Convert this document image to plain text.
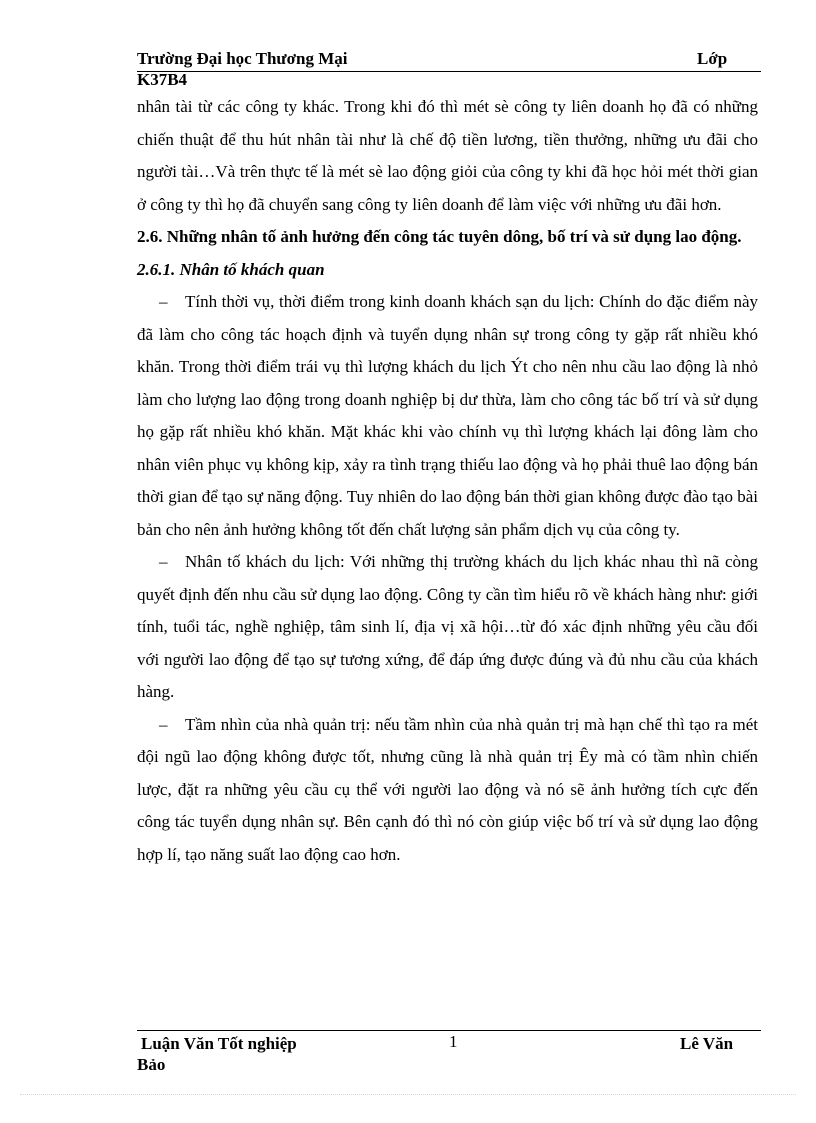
Trường Đại học Thương Mại	Lớp
K37B4

nhân tài từ các công ty khác. Trong khi đó thì mét sè công ty liên doanh họ đã có những chiến thuật để thu hút nhân tài như là chế độ tiền lương, tiền thưởng, những ưu đãi cho người tài…Và trên thực tế là mét sè lao động giỏi của công ty khi đã học hỏi mét thời gian ở công ty thì họ đã chuyển sang công ty liên doanh để làm việc với những ưu đãi hơn.

2.6. Những nhân tố ảnh hưởng đến công tác tuyên dông, bố trí và sử dụng lao động.

2.6.1. Nhân tố khách quan

– Tính thời vụ, thời điểm trong kinh doanh khách sạn du lịch: Chính do đặc điểm này đã làm cho công tác hoạch định và tuyển dụng nhân sự trong công ty gặp rất nhiều khó khăn. Trong thời điểm trái vụ thì lượng khách du lịch Ýt cho nên nhu cầu lao động là nhỏ làm cho lượng lao động trong doanh nghiệp bị dư thừa, làm cho công tác bố trí và sử dụng họ gặp rất nhiều khó khăn. Mặt khác khi vào chính vụ thì lượng khách lại đông làm cho nhân viên phục vụ không kịp, xảy ra tình trạng thiếu lao động và họ phải thuê lao động bán thời gian để tạo sự năng động. Tuy nhiên do lao động bán thời gian không được đào tạo bài bản cho nên ảnh hưởng không tốt đến chất lượng sản phẩm dịch vụ của công ty.

– Nhân tố khách du lịch: Với những thị trường khách du lịch khác nhau thì nã còng quyết định đến nhu cầu sử dụng lao động. Công ty cần tìm hiểu rõ về khách hàng như: giới tính, tuổi tác, nghề nghiệp, tâm sinh lí, địa vị xã hội…từ đó xác định những yêu cầu đối với người lao động để tạo sự tương xứng, để đáp ứng được đúng và đủ nhu cầu của khách hàng.

– Tầm nhìn của nhà quản trị: nếu tầm nhìn của nhà quản trị mà hạn chế thì tạo ra mét đội ngũ lao động không được tốt, nhưng cũng là nhà quản trị Êy mà có tầm nhìn chiến lược, đặt ra những yêu cầu cụ thể với người lao động và nó sẽ ảnh hưởng tích cực đến công tác tuyển dụng nhân sự. Bên cạnh đó thì nó còn giúp việc bố trí và sử dụng lao động hợp lí, tạo năng suất lao động cao hơn.

Luận Văn Tốt nghiệp	1	Lê Văn
Bảo
